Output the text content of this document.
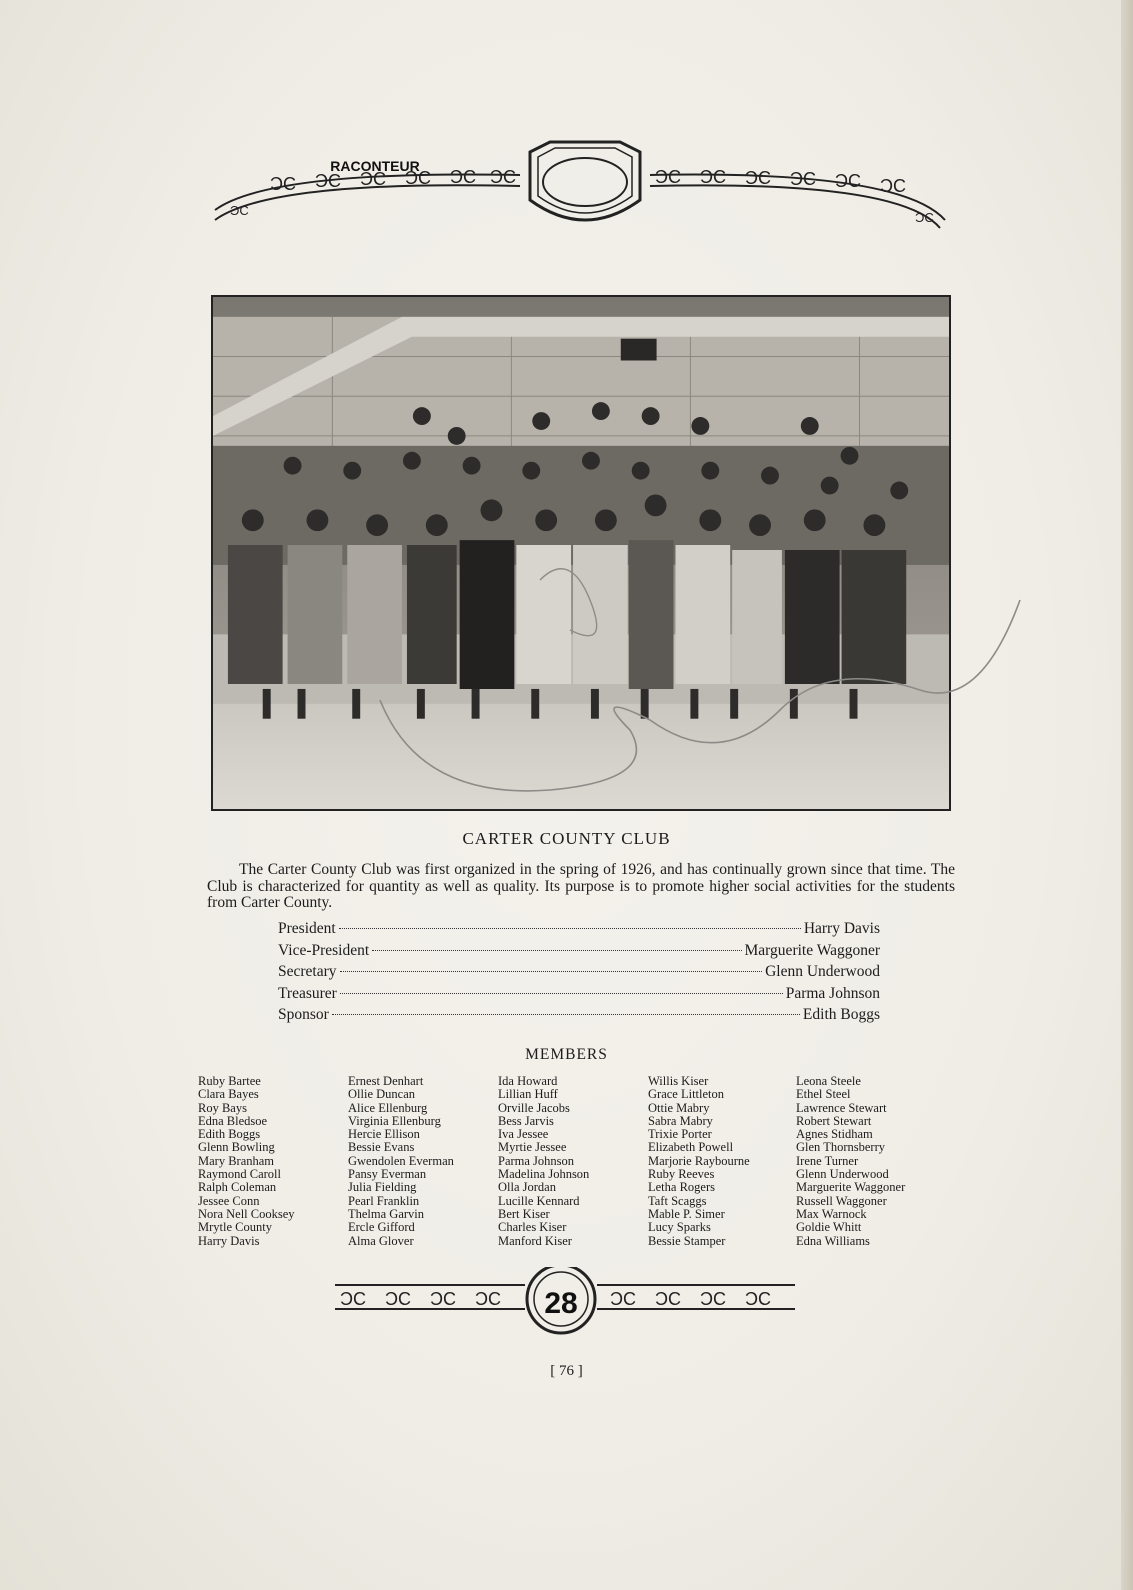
ƆC ƆC ƆC ƆC ƆC ƆC	ƆC ƆC ƆC ƆC ƆC ƆC
ƆC	ƆC
RACONTEUR
CARTER COUNTY CLUB

The Carter County Club was first organized in the spring of 1926, and has continually grown since that time. The Club is characterized for quantity as well as quality. Its purpose is to promote higher social activities for the students from Carter County.

President	Harry Davis
Vice-President	Marguerite Waggoner
Secretary	Glenn Underwood
Treasurer	Parma Johnson
Sponsor	Edith Boggs
MEMBERS
Ruby Bartee
Clara Bayes
Roy Bays
Edna Bledsoe
Edith Boggs
Glenn Bowling
Mary Branham
Raymond Caroll
Ralph Coleman
Jessee Conn
Nora Nell Cooksey
Mrytle County
Harry Davis
Ernest Denhart
Ollie Duncan
Alice Ellenburg
Virginia Ellenburg
Hercie Ellison
Bessie Evans
Gwendolen Everman
Pansy Everman
Julia Fielding
Pearl Franklin
Thelma Garvin
Ercle Gifford
Alma Glover
Ida Howard
Lillian Huff
Orville Jacobs
Bess Jarvis
Iva Jessee
Myrtie Jessee
Parma Johnson
Madelina Johnson
Olla Jordan
Lucille Kennard
Bert Kiser
Charles Kiser
Manford Kiser
Willis Kiser
Grace Littleton
Ottie Mabry
Sabra Mabry
Trixie Porter
Elizabeth Powell
Marjorie Raybourne
Ruby Reeves
Letha Rogers
Taft Scaggs
Mable P. Simer
Lucy Sparks
Bessie Stamper
Leona Steele
Ethel Steel
Lawrence Stewart
Robert Stewart
Agnes Stidham
Glen Thornsberry
Irene Turner
Glenn Underwood
Marguerite Waggoner
Russell Waggoner
Max Warnock
Goldie Whitt
Edna Williams
ƆC ƆC ƆC ƆC	ƆC ƆC ƆC ƆC
28
[ 76 ]
